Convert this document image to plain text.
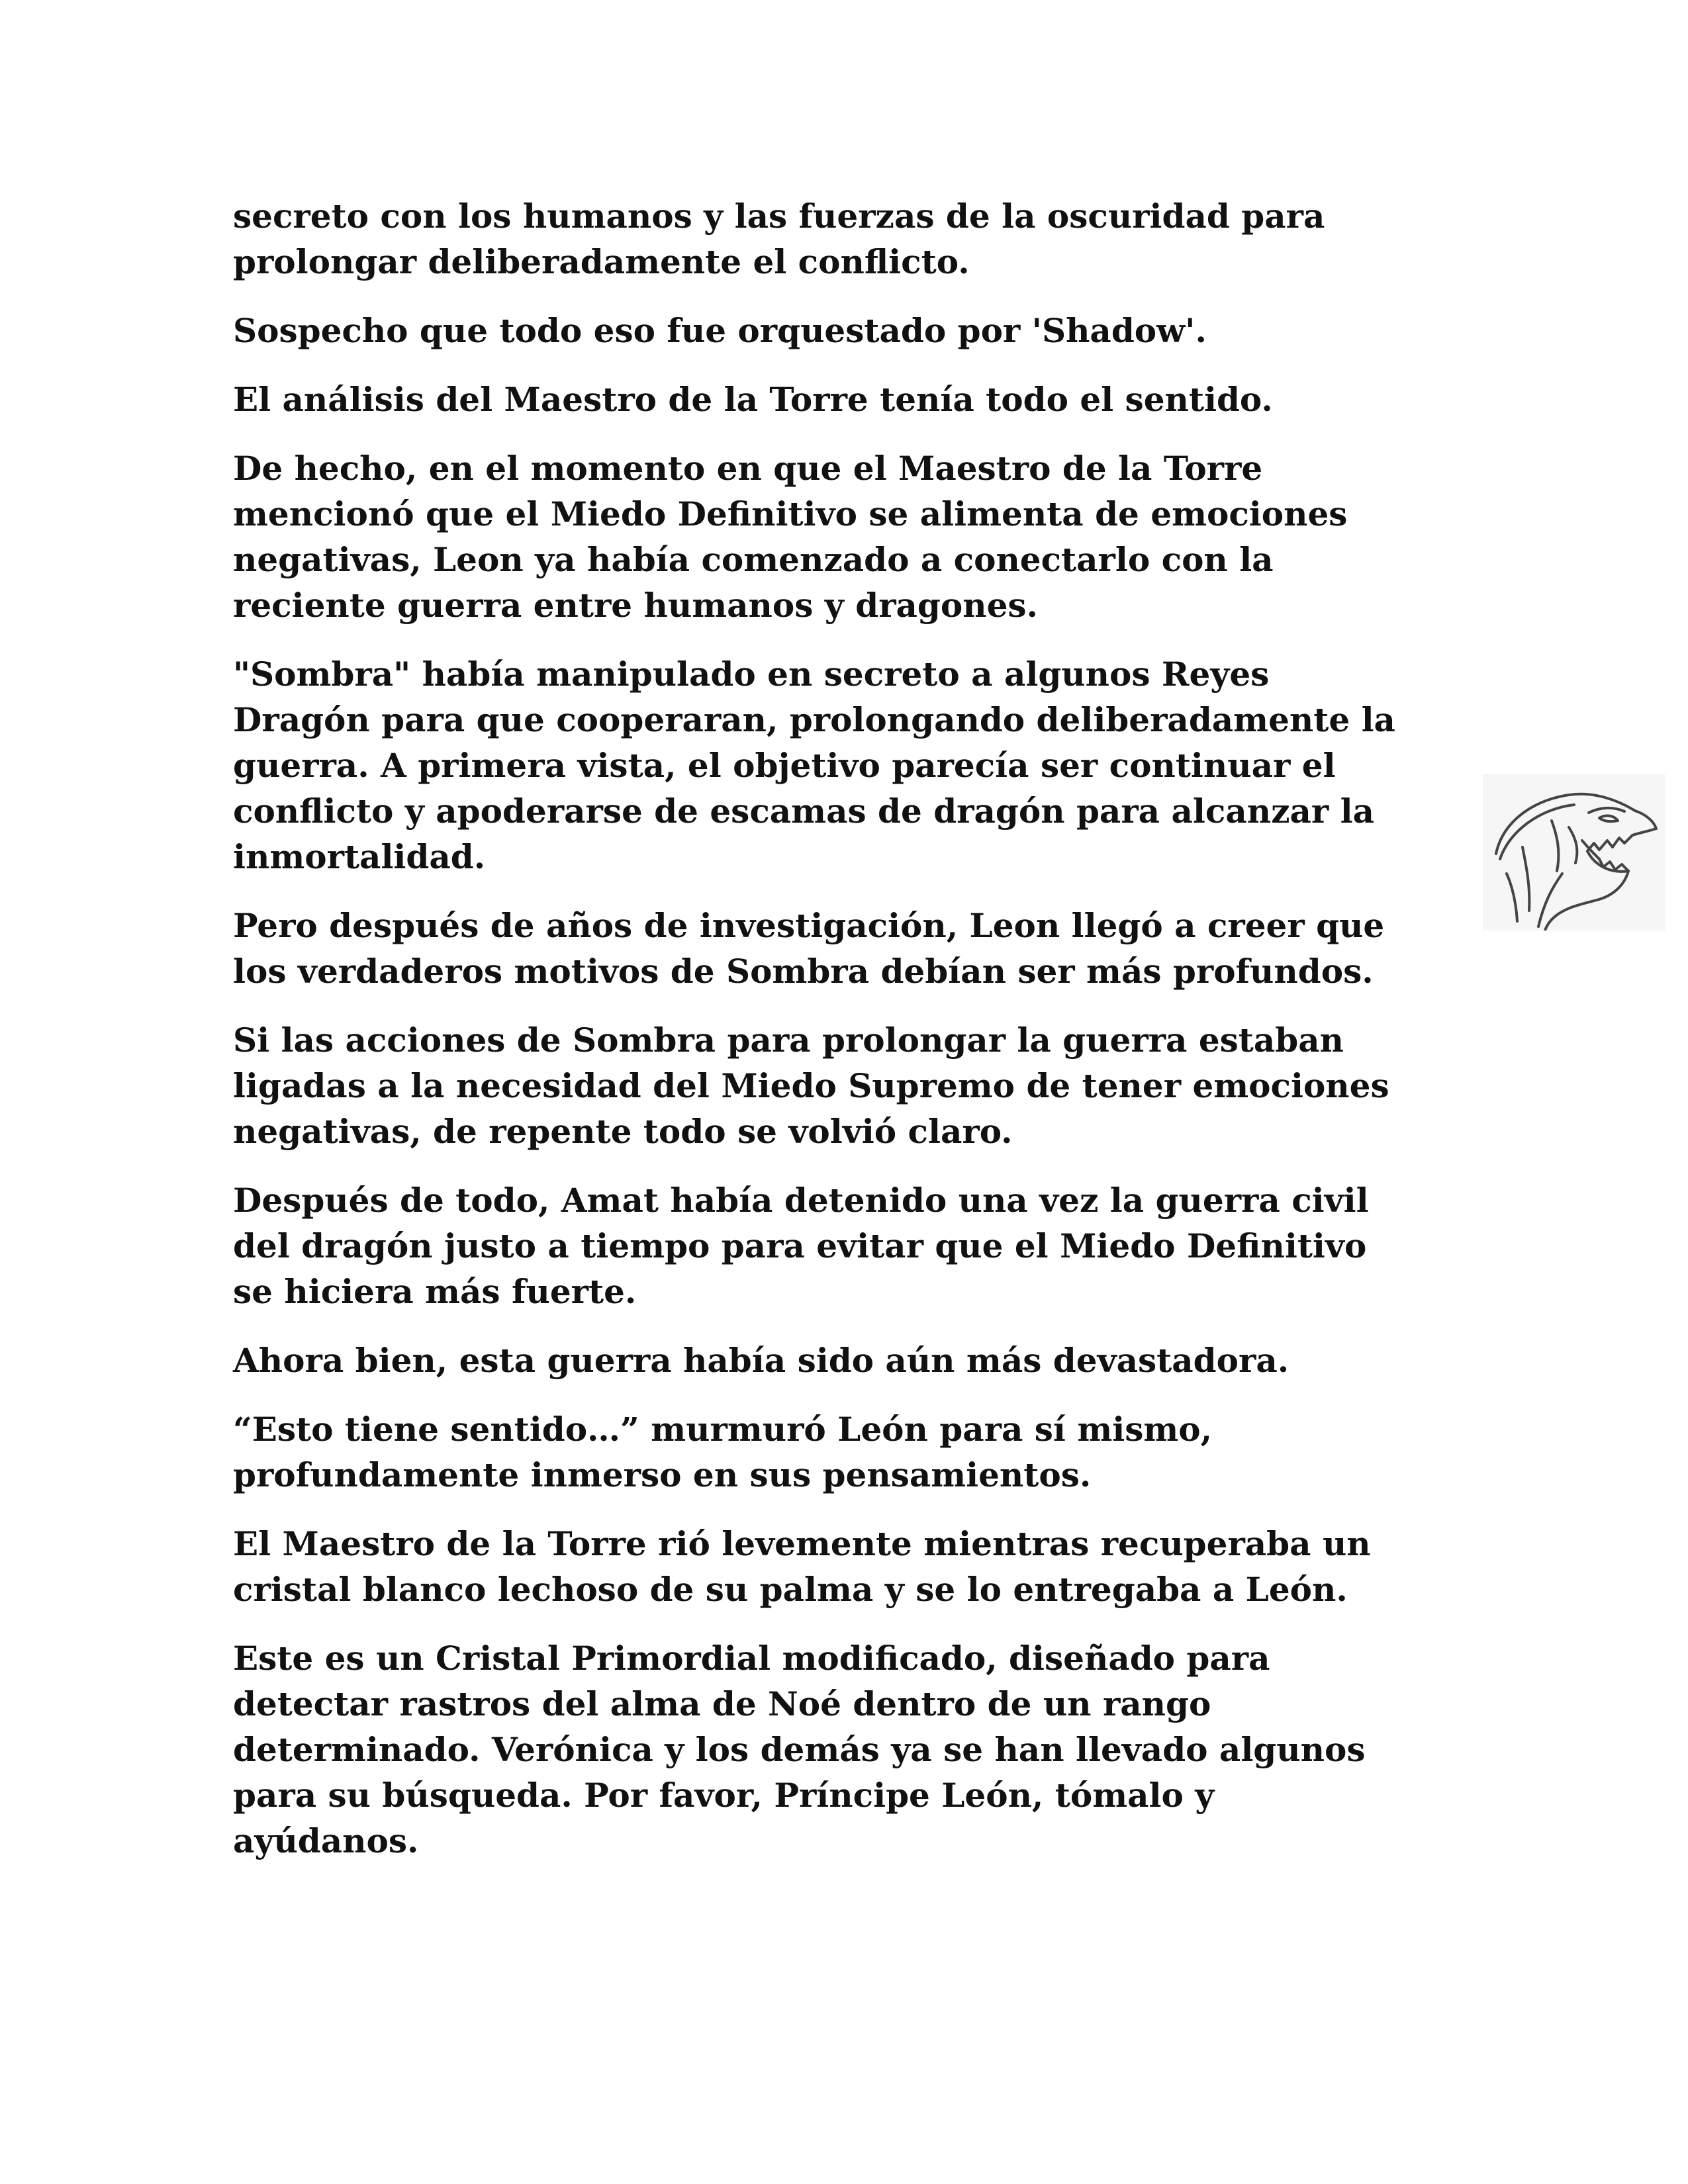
secreto con los humanos y las fuerzas de la oscuridad para
prolongar deliberadamente el conflicto.

Sospecho que todo eso fue orquestado por 'Shadow'.

El análisis del Maestro de la Torre tenía todo el sentido.

De hecho, en el momento en que el Maestro de la Torre
mencionó que el Miedo Definitivo se alimenta de emociones
negativas, Leon ya había comenzado a conectarlo con la
reciente guerra entre humanos y dragones.

"Sombra" había manipulado en secreto a algunos Reyes
Dragón para que cooperaran, prolongando deliberadamente la
guerra. A primera vista, el objetivo parecía ser continuar el
conflicto y apoderarse de escamas de dragón para alcanzar la
inmortalidad.

Pero después de años de investigación, Leon llegó a creer que
los verdaderos motivos de Sombra debían ser más profundos.

Si las acciones de Sombra para prolongar la guerra estaban
ligadas a la necesidad del Miedo Supremo de tener emociones
negativas, de repente todo se volvió claro.

Después de todo, Amat había detenido una vez la guerra civil
del dragón justo a tiempo para evitar que el Miedo Definitivo
se hiciera más fuerte.

Ahora bien, esta guerra había sido aún más devastadora.

“Esto tiene sentido…” murmuró León para sí mismo,
profundamente inmerso en sus pensamientos.

El Maestro de la Torre rió levemente mientras recuperaba un
cristal blanco lechoso de su palma y se lo entregaba a León.

Este es un Cristal Primordial modificado, diseñado para
detectar rastros del alma de Noé dentro de un rango
determinado. Verónica y los demás ya se han llevado algunos
para su búsqueda. Por favor, Príncipe León, tómalo y
ayúdanos.
